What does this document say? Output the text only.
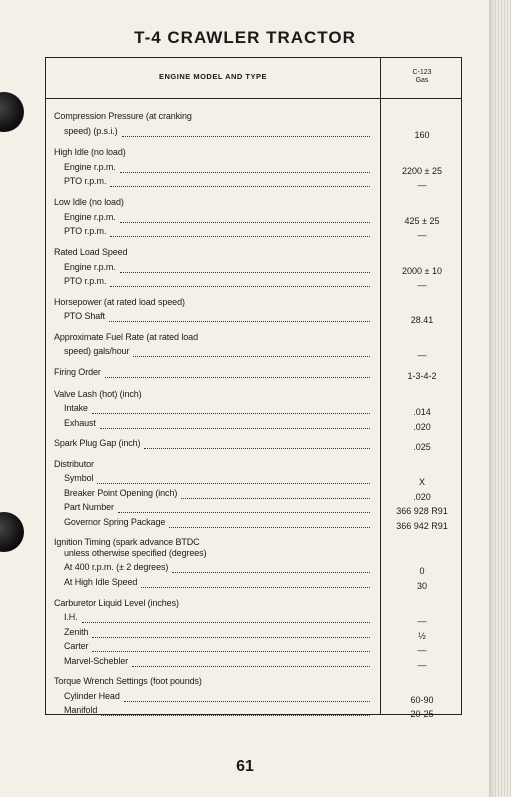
T-4 CRAWLER TRACTOR
ENGINE MODEL AND TYPE	C-123
Gas
Compression Pressure (at cranking
speed) (p.s.i.)	160
High Idle (no load)
Engine r.p.m.	2200 ± 25
PTO r.p.m.	—
Low Idle (no load)
Engine r.p.m.	425 ± 25
PTO r.p.m.	—
Rated Load Speed
Engine r.p.m.	2000 ± 10
PTO r.p.m.	—
Horsepower (at rated load speed)
PTO Shaft	28.41
Approximate Fuel Rate (at rated load
speed) gals/hour	—
Firing Order	1-3-4-2
Valve Lash (hot) (inch)
Intake	.014
Exhaust	.020
Spark Plug Gap (inch)	.025
Distributor
Symbol	X
Breaker Point Opening (inch)	.020
Part Number	366 928 R91
Governor Spring Package	366 942 R91
Ignition Timing (spark advance BTDC
unless otherwise specified (degrees)
At 400 r.p.m. (± 2 degrees)	0
At High Idle Speed	30
Carburetor Liquid Level (inches)
I.H.	—
Zenith	½
Carter	—
Marvel-Schebler	—
Torque Wrench Settings (foot pounds)
Cylinder Head	60-90
Manifold	20-25
61
